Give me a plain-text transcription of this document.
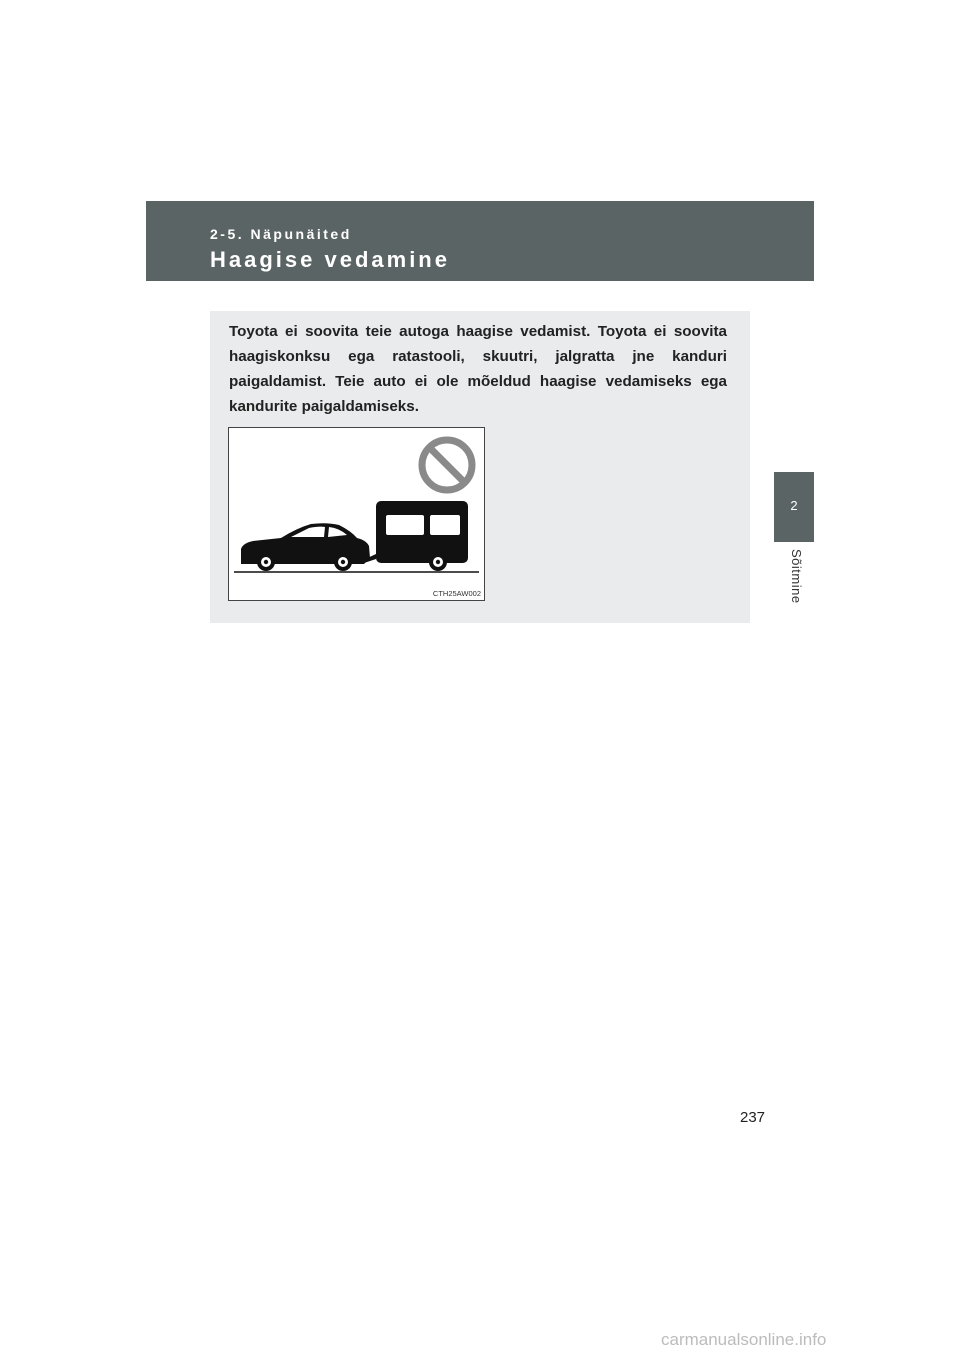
2-5. Näpunäited
Haagise vedamine
2
Sõitmine

Toyota ei soovita teie autoga haagise vedamist. Toyota ei soovita haagiskonksu ega ratastooli, skuutri, jalgratta jne kanduri paigaldamist. Teie auto ei ole mõeldud haagise vedamiseks ega kandurite paigaldamiseks.

CTH25AW002
237
carmanualsonline.info
